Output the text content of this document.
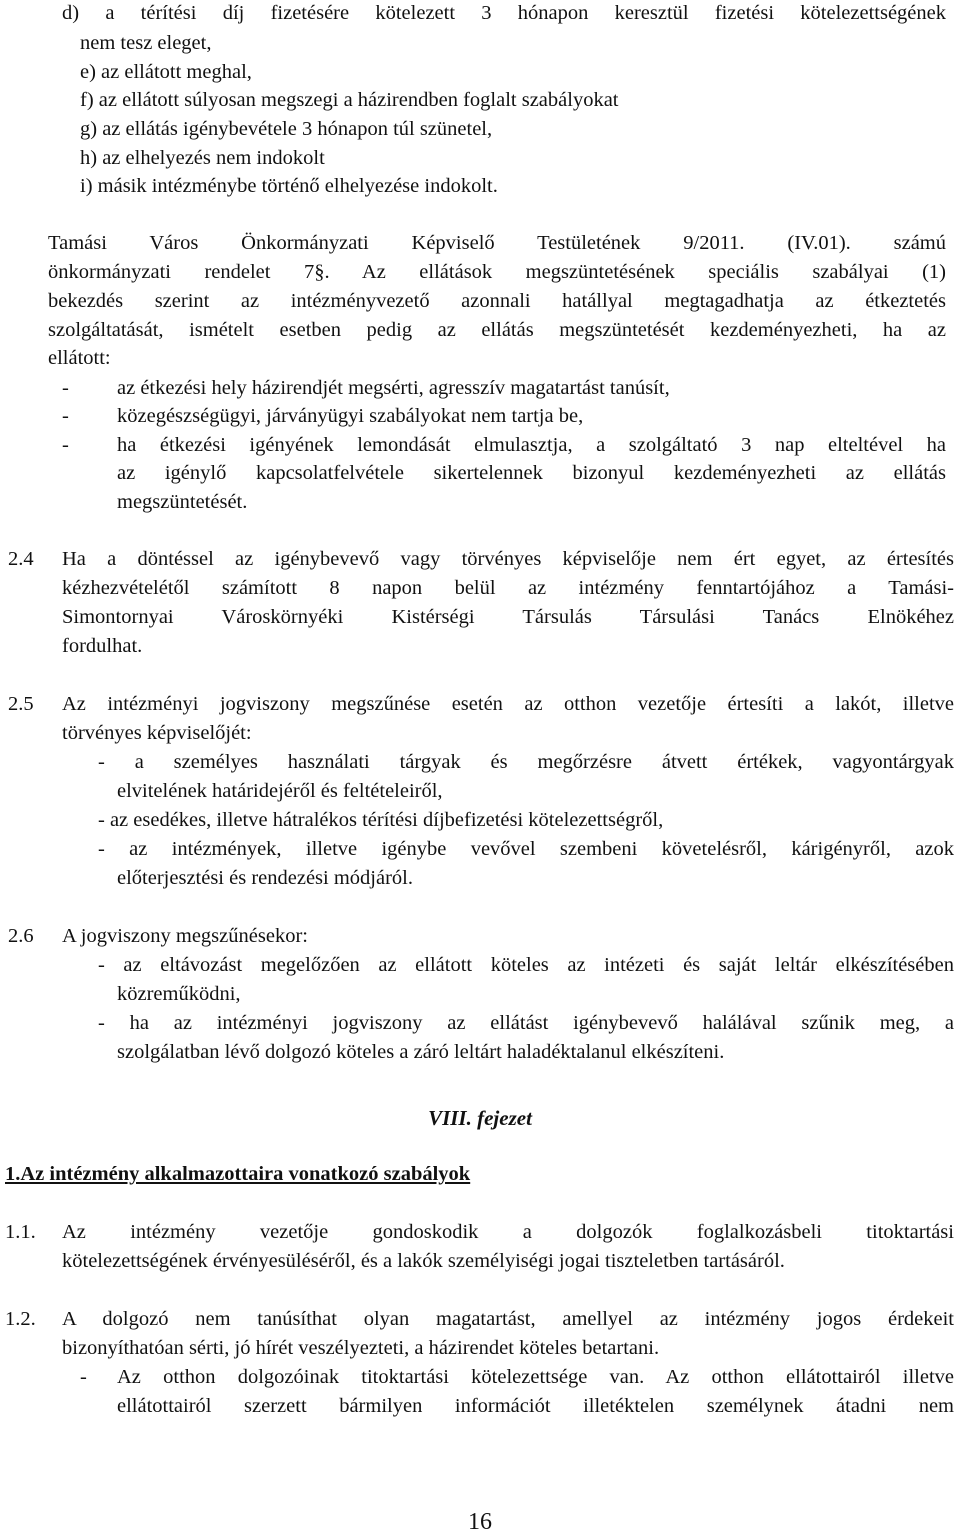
d) a térítési díj fizetésére kötelezett 3 hónapon keresztül fizetési kötelezettségének
nem tesz eleget,
e) az ellátott meghal,
f) az ellátott súlyosan megszegi a házirendben foglalt szabályokat
g) az ellátás igénybevétele 3 hónapon túl szünetel,
h) az elhelyezés nem indokolt
i) másik intézménybe történő elhelyezése indokolt.
Tamási Város Önkormányzati Képviselő Testületének 9/2011. (IV.01). számú
önkormányzati rendelet 7§. Az ellátások megszüntetésének speciális szabályai (1)
bekezdés szerint az intézményvezető azonnali hatállyal megtagadhatja az étkeztetés
szolgáltatását, ismételt esetben pedig az ellátás megszüntetését kezdeményezheti, ha az
ellátott:
- az étkezési hely házirendjét megsérti, agresszív magatartást tanúsít,
- közegészségügyi, járványügyi szabályokat nem tartja be,
- ha étkezési igényének lemondását elmulasztja, a szolgáltató 3 nap elteltével ha
az igénylő kapcsolatfelvétele sikertelennek bizonyul kezdeményezheti az ellátás
megszüntetését.
2.4 Ha a döntéssel az igénybevevő vagy törvényes képviselője nem ért egyet, az értesítés
kézhezvételétől számított 8 napon belül az intézmény fenntartójához a Tamási-
Simontornyai Városkörnyéki Kistérségi Társulás Társulási Tanács Elnökéhez
fordulhat.
2.5 Az intézményi jogviszony megszűnése esetén az otthon vezetője értesíti a lakót, illetve
törvényes képviselőjét:
- a személyes használati tárgyak és megőrzésre átvett értékek, vagyontárgyak
elvitelének határidejéről és feltételeiről,
- az esedékes, illetve hátralékos térítési díjbefizetési kötelezettségről,
- az intézmények, illetve igénybe vevővel szembeni követelésről, kárigényről, azok
előterjesztési és rendezési módjáról.
2.6 A jogviszony megszűnésekor:
- az eltávozást megelőzően az ellátott köteles az intézeti és saját leltár elkészítésében
közreműködni,
- ha az intézményi jogviszony az ellátást igénybevevő halálával szűnik meg, a
szolgálatban lévő dolgozó köteles a záró leltárt haladéktalanul elkészíteni.
VIII. fejezet
1.Az intézmény alkalmazottaira vonatkozó szabályok
1.1. Az intézmény vezetője gondoskodik a dolgozók foglalkozásbeli titoktartási
kötelezettségének érvényesüléséről, és a lakók személyiségi jogai tiszteletben tartásáról.
1.2. A dolgozó nem tanúsíthat olyan magatartást, amellyel az intézmény jogos érdekeit
bizonyíthatóan sérti, jó hírét veszélyezteti, a házirendet köteles betartani.
- Az otthon dolgozóinak titoktartási kötelezettsége van. Az otthon ellátottairól illetve
ellátottairól szerzett bármilyen információt illetéktelen személynek átadni nem
16
